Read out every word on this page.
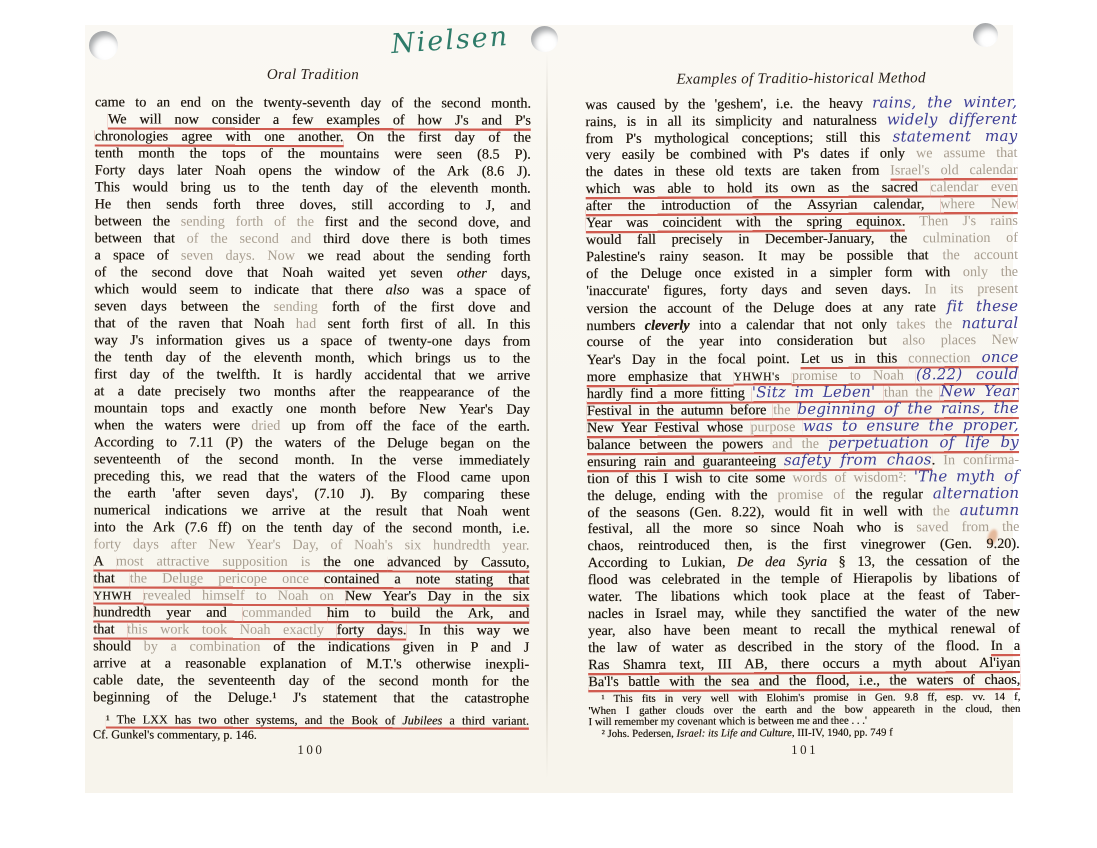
Nielsen
Oral Tradition
came to an end on the twenty-seventh day of the second month.
We will now consider a few examples of how J's and P's
chronologies agree with one another. On the first day of the
tenth month the tops of the mountains were seen (8.5 P).
Forty days later Noah opens the window of the Ark (8.6 J).
This would bring us to the tenth day of the eleventh month.
He then sends forth three doves, still according to J, and
between the sending forth of the first and the second dove, and
between that of the second and third dove there is both times
a space of seven days. Now we read about the sending forth
of the second dove that Noah waited yet seven other days,
which would seem to indicate that there also was a space of
seven days between the sending forth of the first dove and
that of the raven that Noah had sent forth first of all. In this
way J's information gives us a space of twenty-one days from
the tenth day of the eleventh month, which brings us to the
first day of the twelfth. It is hardly accidental that we arrive
at a date precisely two months after the reappearance of the
mountain tops and exactly one month before New Year's Day
when the waters were dried up from off the face of the earth.
According to 7.11 (P) the waters of the Deluge began on the
seventeenth of the second month. In the verse immediately
preceding this, we read that the waters of the Flood came upon
the earth 'after seven days', (7.10 J). By comparing these
numerical indications we arrive at the result that Noah went
into the Ark (7.6 ff) on the tenth day of the second month, i.e.
forty days after New Year's Day, of Noah's six hundredth year.
A most attractive supposition is the one advanced by Cassuto,
that the Deluge pericope once contained a note stating that
YHWH revealed himself to Noah on New Year's Day in the six
hundredth year and commanded him to build the Ark, and
that this work took Noah exactly forty days. In this way we
should by a combination of the indications given in P and J
arrive at a reasonable explanation of M.T.'s otherwise inexpli-
cable date, the seventeenth day of the second month for the
beginning of the Deluge.¹ J's statement that the catastrophe
¹ The LXX has two other systems, and the Book of Jubilees a third variant.
Cf. Gunkel's commentary, p. 146.
100
Examples of Traditio-historical Method
was caused by the 'geshem', i.e. the heavy rains, the winter,
rains, is in all its simplicity and naturalness widely different
from P's mythological conceptions; still this statement may
very easily be combined with P's dates if only we assume that
the dates in these old texts are taken from Israel's old calendar
which was able to hold its own as the sacred calendar even
after the introduction of the Assyrian calendar, where New
Year was coincident with the spring equinox. Then J's rains
would fall precisely in December-January, the culmination of
Palestine's rainy season. It may be possible that the account
of the Deluge once existed in a simpler form with only the
'inaccurate' figures, forty days and seven days. In its present
version the account of the Deluge does at any rate fit these
numbers cleverly into a calendar that not only takes the natural
course of the year into consideration but also places New
Year's Day in the focal point. Let us in this connection once
more emphasize that YHWH's promise to Noah (8.22) could
hardly find a more fitting 'Sitz im Leben' than the New Year
Festival in the autumn before the beginning of the rains, the
New Year Festival whose purpose was to ensure the proper,
balance between the powers and the perpetuation of life by
ensuring rain and guaranteeing safety from chaos. In confirma-
tion of this I wish to cite some words of wisdom²: 'The myth of
the deluge, ending with the promise of the regular alternation
of the seasons (Gen. 8.22), would fit in well with the autumn
festival, all the more so since Noah who is saved from the
chaos, reintroduced then, is the first vinegrower (Gen. 9.20).
According to Lukian, De dea Syria § 13, the cessation of the
flood was celebrated in the temple of Hierapolis by libations of
water. The libations which took place at the feast of Taber-
nacles in Israel may, while they sanctified the water of the new
year, also have been meant to recall the mythical renewal of
the law of water as described in the story of the flood. In a
Ras Shamra text, III AB, there occurs a myth about Al'iyan
Ba'l's battle with the sea and the flood, i.e., the waters of chaos,
¹ This fits in very well with Elohim's promise in Gen. 9.8 ff, esp. vv. 14 f,
'When I gather clouds over the earth and the bow appeareth in the cloud, then
I will remember my covenant which is between me and thee . . .'
² Johs. Pedersen, Israel: its Life and Culture, III-IV, 1940, pp. 749 f
101
